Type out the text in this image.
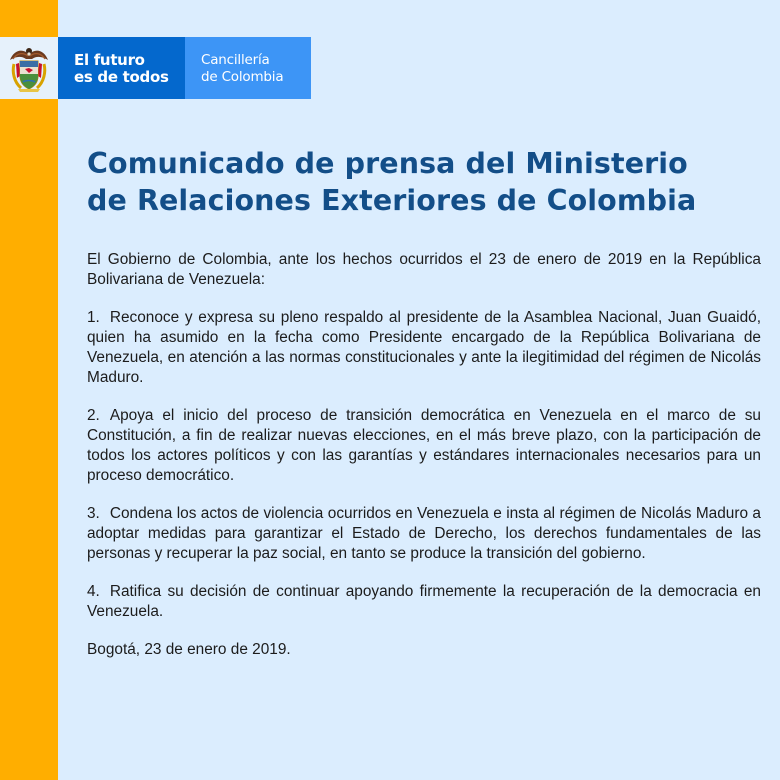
El futuro
es de todos
Cancillería
de Colombia
Comunicado de prensa del Ministerio
de Relaciones Exteriores de Colombia

El Gobierno de Colombia, ante los hechos ocurridos el 23 de enero de 2019 en la República Bolivariana de Venezuela:

1. Reconoce y expresa su pleno respaldo al presidente de la Asamblea Nacional, Juan Guaidó, quien ha asumido en la fecha como Presidente encargado de la República Bolivariana de Venezuela, en atención a las normas constitucionales y ante la ilegitimidad del régimen de Nicolás Maduro.

2. Apoya el inicio del proceso de transición democrática en Venezuela en el marco de su Constitución, a fin de realizar nuevas elecciones, en el más breve plazo, con la participación de todos los actores políticos y con las garantías y estándares internacionales necesarios para un proceso democrático.

3. Condena los actos de violencia ocurridos en Venezuela e insta al régimen de Nicolás Maduro a adoptar medidas para garantizar el Estado de Derecho, los derechos fundamentales de las personas y recuperar la paz social, en tanto se produce la transición del gobierno.

4. Ratifica su decisión de continuar apoyando firmemente la recuperación de la democracia en Venezuela.

Bogotá, 23 de enero de 2019.
